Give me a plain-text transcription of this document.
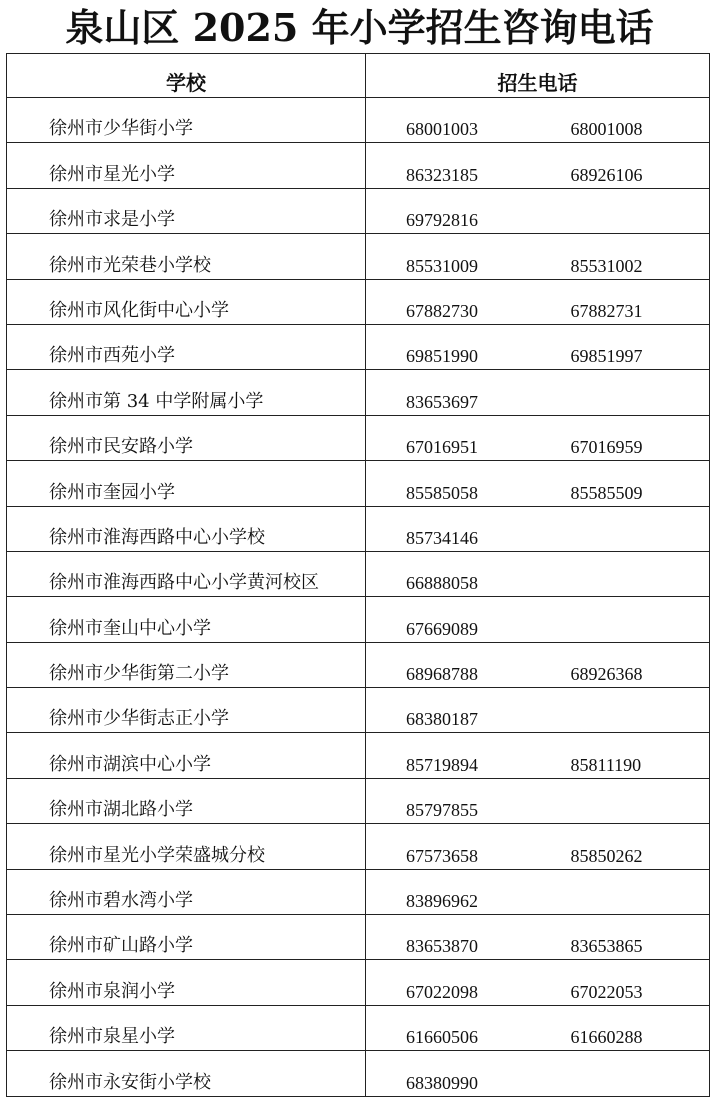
泉山区 2025 年小学招生咨询电话
学校	招生电话	
徐州市少华街小学	68001003	68001008
徐州市星光小学	86323185	68926106
徐州市求是小学	69792816	
徐州市光荣巷小学校	85531009	85531002
徐州市风化街中心小学	67882730	67882731
徐州市西苑小学	69851990	69851997
徐州市第 34 中学附属小学	83653697	
徐州市民安路小学	67016951	67016959
徐州市奎园小学	85585058	85585509
徐州市淮海西路中心小学校	85734146	
徐州市淮海西路中心小学黄河校区	66888058	
徐州市奎山中心小学	67669089	
徐州市少华街第二小学	68968788	68926368
徐州市少华街志正小学	68380187	
徐州市湖滨中心小学	85719894	85811190
徐州市湖北路小学	85797855	
徐州市星光小学荣盛城分校	67573658	85850262
徐州市碧水湾小学	83896962	
徐州市矿山路小学	83653870	83653865
徐州市泉润小学	67022098	67022053
徐州市泉星小学	61660506	61660288
徐州市永安街小学校	68380990	
